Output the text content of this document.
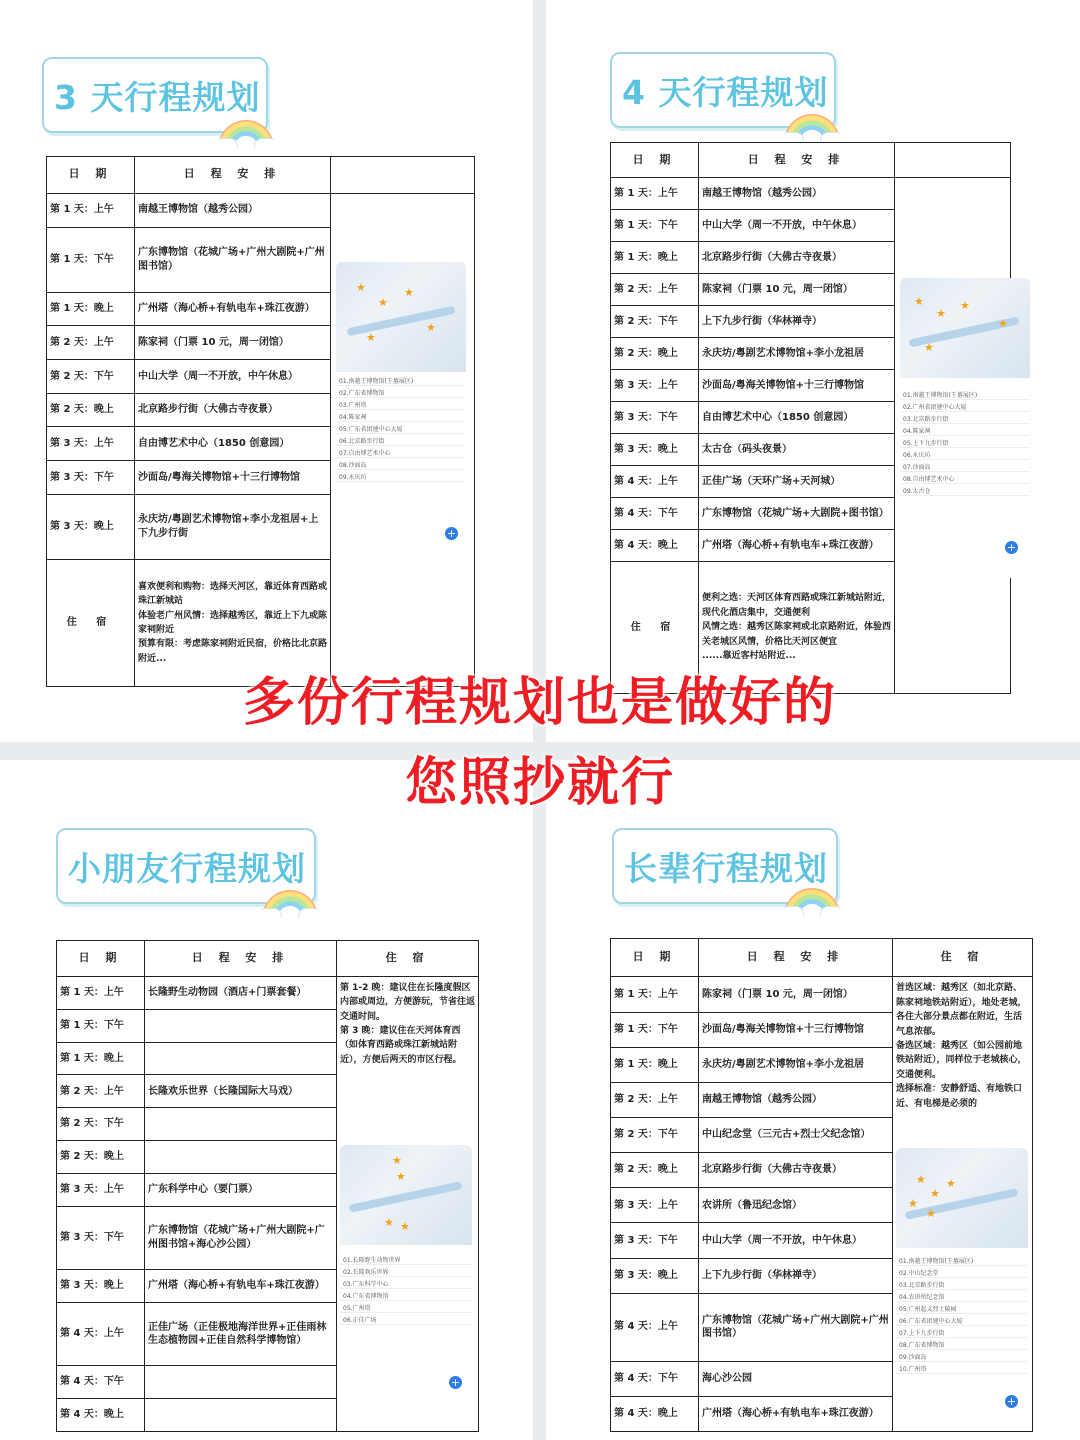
3 天行程规划
日 期	日 程 安 排	
第 1 天：上午	南越王博物馆（越秀公园）	
第 1 天：下午	广东博物馆（花城广场+广州大剧院+广州图书馆）	
第 1 天：晚上	广州塔（海心桥+有轨电车+珠江夜游）	
第 2 天：上午	陈家祠（门票 10 元，周一闭馆）	
第 2 天：下午	中山大学（周一不开放，中午休息）	
第 2 天：晚上	北京路步行街（大佛古寺夜景）	
第 3 天：上午	自由博艺术中心（1850 创意园）	
第 3 天：下午	沙面岛/粤海关博物馆+十三行博物馆	
第 3 天：晚上	永庆坊/粤剧艺术博物馆+李小龙祖居+上下九步行街	
住 宿	喜欢便利和购物：选择天河区，靠近体育西路或珠江新城站
体验老广州风情：选择越秀区，靠近上下九或陈家祠附近
预算有限：考虑陈家祠附近民宿，价格比北京路附近...	
★
★
★
★
★
01.南越王博物馆(王墓展区)
02.广东省博物馆
03.广州塔
04.陈家祠
05.广东省团建中心大厦
06.北京路步行街
07.自由博艺术中心
08.沙面岛
09.永庆坊
+
4 天行程规划
日 期	日 程 安 排	
第 1 天：上午	南越王博物馆（越秀公园）	
第 1 天：下午	中山大学（周一不开放，中午休息）	
第 1 天：晚上	北京路步行街（大佛古寺夜景）	
第 2 天：上午	陈家祠（门票 10 元，周一闭馆）	
第 2 天：下午	上下九步行街（华林禅寺）	
第 2 天：晚上	永庆坊/粤剧艺术博物馆+李小龙祖居	
第 3 天：上午	沙面岛/粤海关博物馆+十三行博物馆	
第 3 天：下午	自由博艺术中心（1850 创意园）	
第 3 天：晚上	太古仓（码头夜景）	
第 4 天：上午	正佳广场（天环广场+天河城）	
第 4 天：下午	广东博物馆（花城广场+大剧院+图书馆）	
第 4 天：晚上	广州塔（海心桥+有轨电车+珠江夜游）	
住 宿	便利之选：天河区体育西路或珠江新城站附近，现代化酒店集中，交通便利
风情之选：越秀区陈家祠或北京路附近，体验西关老城区风情，价格比天河区便宜
......靠近客村站附近...	
★
★
★
★
★
01.南越王博物馆(王墓展区)
02.广州省团建中心大厦
03.北京路步行街
04.陈家祠
05.上下九步行街
06.永庆坊
07.沙面岛
08.自由博艺术中心
09.太古仓
+
小朋友行程规划
日 期	日 程 安 排	住 宿
第 1 天：上午	长隆野生动物园（酒店+门票套餐）	第 1-2 晚：建议住在长隆度假区内部或周边，方便游玩，节省往返交通时间。
第 3 晚：建议住在天河体育西（如体育西路或珠江新城站附近），方便后两天的市区行程。
第 1 天：下午		
第 1 天：晚上		
第 2 天：上午	长隆欢乐世界（长隆国际大马戏）	
第 2 天：下午		
第 2 天：晚上		
第 3 天：上午	广东科学中心（要门票）	
第 3 天：下午	广东博物馆（花城广场+广州大剧院+广州图书馆+海心沙公园）	
第 3 天：晚上	广州塔（海心桥+有轨电车+珠江夜游）	
第 4 天：上午	正佳广场（正佳极地海洋世界+正佳雨林生态植物园+正佳自然科学博物馆）	
第 4 天：下午		
第 4 天：晚上		
★
★
★ ★
01.长隆野生动物世界
02.长隆欢乐世界
03.广东科学中心
04.广东省博物馆
05.广州塔
06.正佳广场
+
长辈行程规划
日 期	日 程 安 排	住 宿
第 1 天：上午	陈家祠（门票 10 元，周一闭馆）	首选区域：越秀区（如北京路、陈家祠地铁站附近），地处老城，各住大部分景点都在附近，生活气息浓郁。
备选区域：越秀区（如公园前地铁站附近），同样位于老城核心，交通便利。
选择标准：安静舒适、有地铁口近、有电梯是必须的
第 1 天：下午	沙面岛/粤海关博物馆+十三行博物馆	
第 1 天：晚上	永庆坊/粤剧艺术博物馆+李小龙祖居	
第 2 天：上午	南越王博物馆（越秀公园）	
第 2 天：下午	中山纪念堂（三元古+烈士父纪念馆）	
第 2 天：晚上	北京路步行街（大佛古寺夜景）	
第 3 天：上午	农讲所（鲁迅纪念馆）	
第 3 天：下午	中山大学（周一不开放，中午休息）	
第 3 天：晚上	上下九步行街（华林禅寺）	
第 4 天：上午	广东博物馆（花城广场+广州大剧院+广州图书馆）	
第 4 天：下午	海心沙公园	
第 4 天：晚上	广州塔（海心桥+有轨电车+珠江夜游）	
★
★
★
★
★
01.南越王博物馆(王墓展区)
02.中山纪念堂
03.北京路步行街
04.农讲所纪念馆
05.广州起义烈士陵园
06.广东省团建中心大厦
07.上下九步行街
08.广东省博物馆
09.沙面岛
10.广州塔
+
多份行程规划也是做好的
您照抄就行
